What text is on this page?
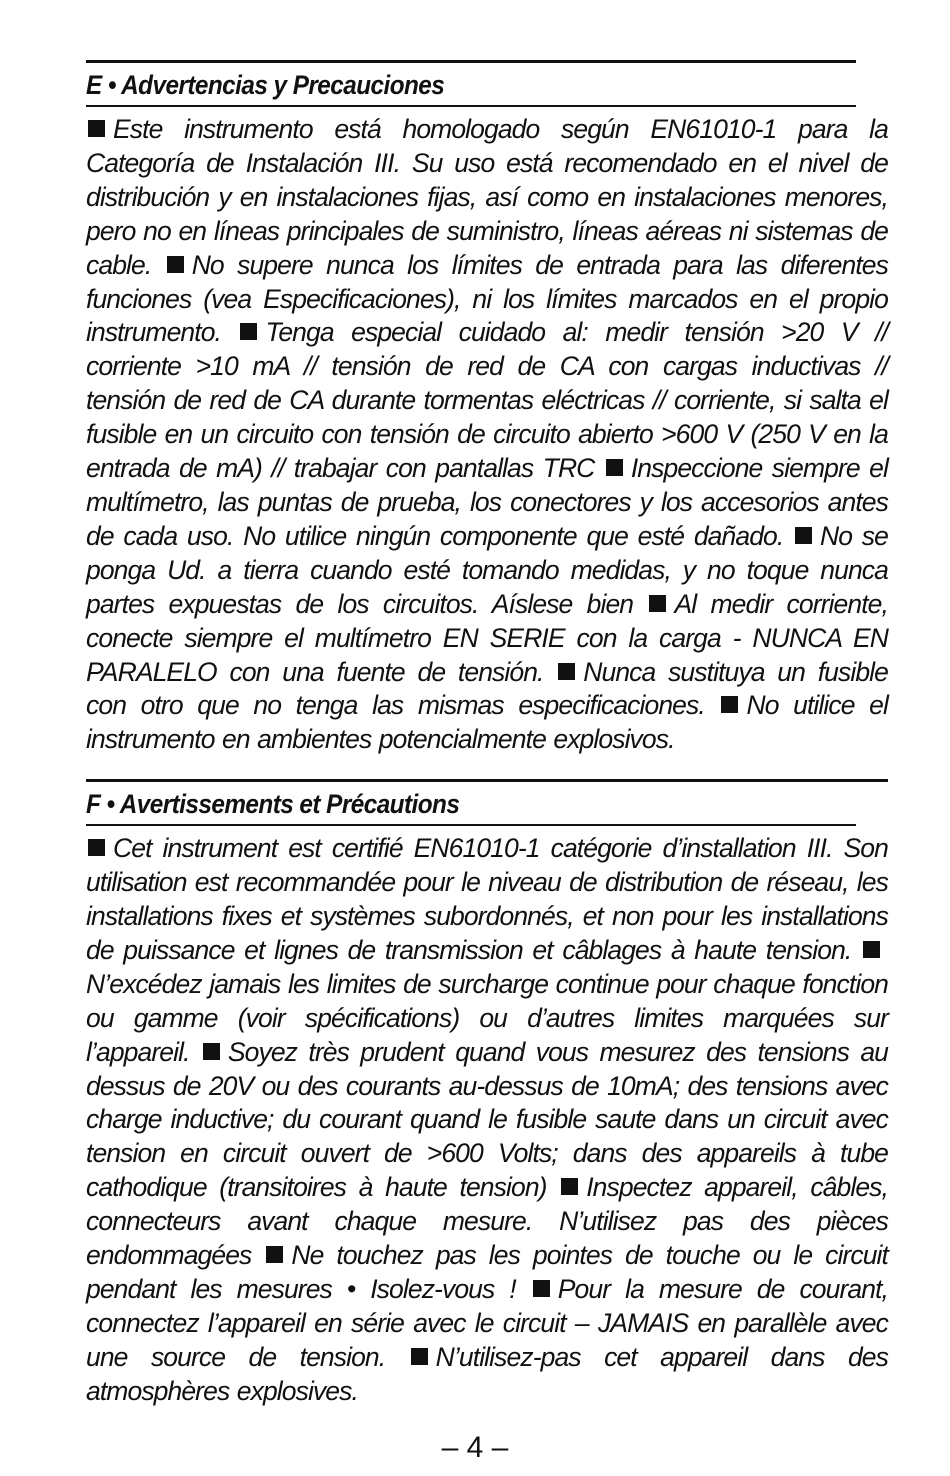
E • Advertencias y Precauciones

Este instrumento está homologado según EN61010-1 para la Categoría de Instalación III. Su uso está recomendado en el nivel de distribución y en instalaciones fijas, así como en instalaciones menores, pero no en líneas principales de suministro, líneas aéreas ni sistemas de cable. No supere nunca los límites de entrada para las diferentes funciones (vea Especificaciones), ni los límites marcados en el propio instrumento. Tenga especial cuidado al: medir tensión >20 V // corriente >10 mA // tensión de red de CA con cargas inductivas // tensión de red de CA durante tormentas eléctricas // corriente, si salta el fusible en un circuito con tensión de circuito abierto >600 V (250 V en la entrada de mA) // trabajar con pantallas TRC Inspeccione siempre el multímetro, las puntas de prueba, los conectores y los accesorios antes de cada uso. No utilice ningún componente que esté dañado. No se ponga Ud. a tierra cuando esté tomando medidas, y no toque nunca partes expuestas de los circuitos. Aíslese bien Al medir corriente, conecte siempre el multímetro EN SERIE con la carga - NUNCA EN PARALELO con una fuente de tensión. Nunca sustituya un fusible con otro que no tenga las mismas especificaciones. No utilice el instrumento en ambientes potencialmente explosivos.

F • Avertissements et Précautions

Cet instrument est certifié EN61010-1 catégorie d’installation III. Son utilisation est recommandée pour le niveau de distribution de réseau, les installations fixes et systèmes subordonnés, et non pour les installations de puissance et lignes de transmission et câblages à haute tension. N’excédez jamais les limites de surcharge continue pour chaque fonction ou gamme (voir spécifications) ou d’autres limites marquées sur l’appareil. Soyez très prudent quand vous mesurez des tensions au dessus de 20V ou des courants au-dessus de 10mA; des tensions avec charge inductive; du courant quand le fusible saute dans un circuit avec tension en circuit ouvert de >600 Volts; dans des appareils à tube cathodique (transitoires à haute tension) Inspectez appareil, câbles, connecteurs avant chaque mesure. N’utilisez pas des pièces endommagées Ne touchez pas les pointes de touche ou le circuit pendant les mesures • Isolez-vous ! Pour la mesure de courant, connectez l’appareil en série avec le circuit – JAMAIS en parallèle avec une source de tension. N’utilisez-pas cet appareil dans des atmosphères explosives.

– 4 –
